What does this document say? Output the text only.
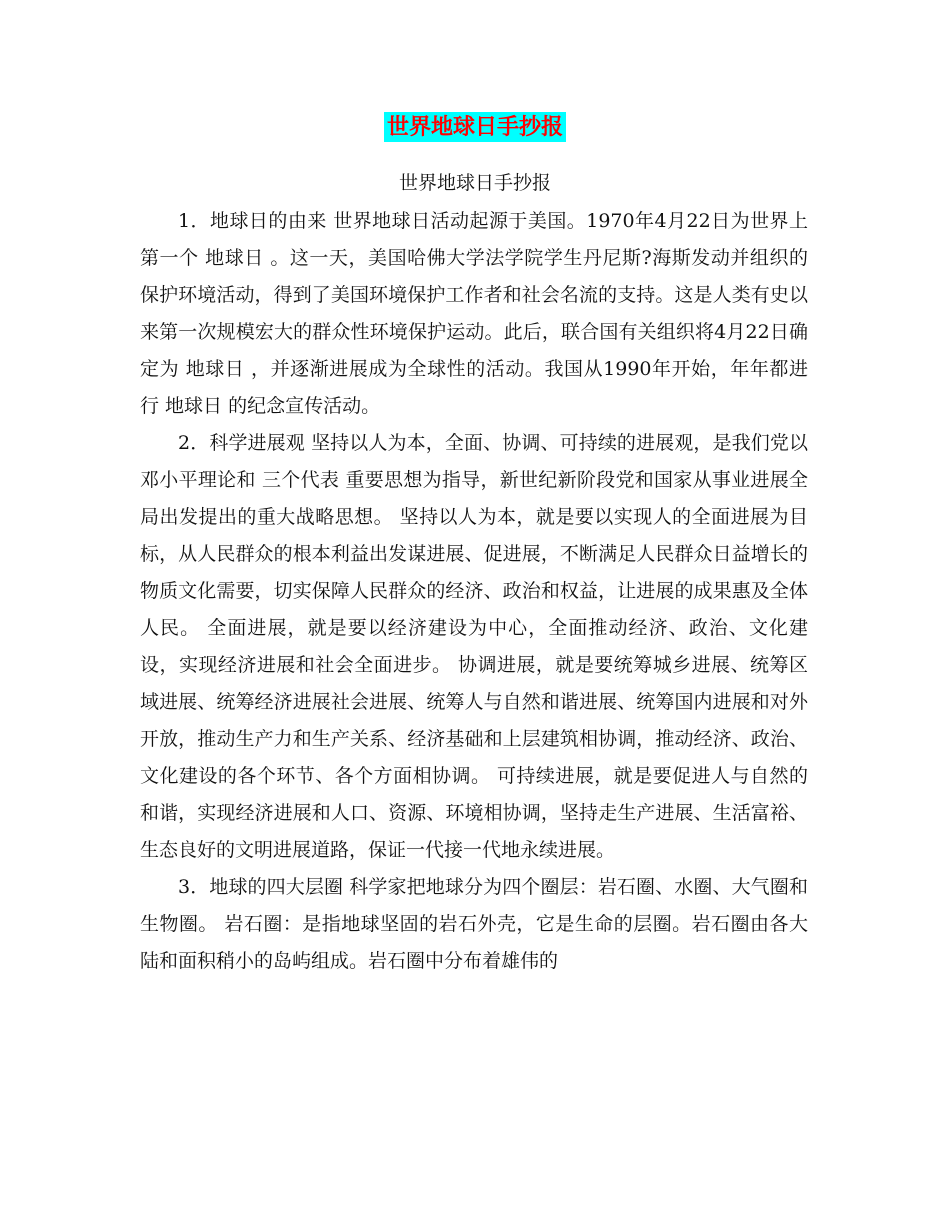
世界地球日手抄报
世界地球日手抄报

1．地球日的由来 世界地球日活动起源于美国。1970年4月22日为世界上第一个 地球日 。这一天，美国哈佛大学法学院学生丹尼斯?海斯发动并组织的保护环境活动，得到了美国环境保护工作者和社会名流的支持。这是人类有史以来第一次规模宏大的群众性环境保护运动。此后，联合国有关组织将4月22日确定为 地球日 ，并逐渐进展成为全球性的活动。我国从1990年开始，年年都进行 地球日 的纪念宣传活动。

2．科学进展观 坚持以人为本，全面、协调、可持续的进展观，是我们党以邓小平理论和 三个代表 重要思想为指导，新世纪新阶段党和国家从事业进展全局出发提出的重大战略思想。 坚持以人为本，就是要以实现人的全面进展为目标，从人民群众的根本利益出发谋进展、促进展，不断满足人民群众日益增长的物质文化需要，切实保障人民群众的经济、政治和权益，让进展的成果惠及全体人民。 全面进展，就是要以经济建设为中心，全面推动经济、政治、文化建设，实现经济进展和社会全面进步。 协调进展，就是要统筹城乡进展、统筹区域进展、统筹经济进展社会进展、统筹人与自然和谐进展、统筹国内进展和对外开放，推动生产力和生产关系、经济基础和上层建筑相协调，推动经济、政治、文化建设的各个环节、各个方面相协调。 可持续进展，就是要促进人与自然的和谐，实现经济进展和人口、资源、环境相协调，坚持走生产进展、生活富裕、生态良好的文明进展道路，保证一代接一代地永续进展。

3．地球的四大层圈 科学家把地球分为四个圈层：岩石圈、水圈、大气圈和生物圈。 岩石圈：是指地球坚固的岩石外壳，它是生命的层圈。岩石圈由各大陆和面积稍小的岛屿组成。岩石圈中分布着雄伟的
